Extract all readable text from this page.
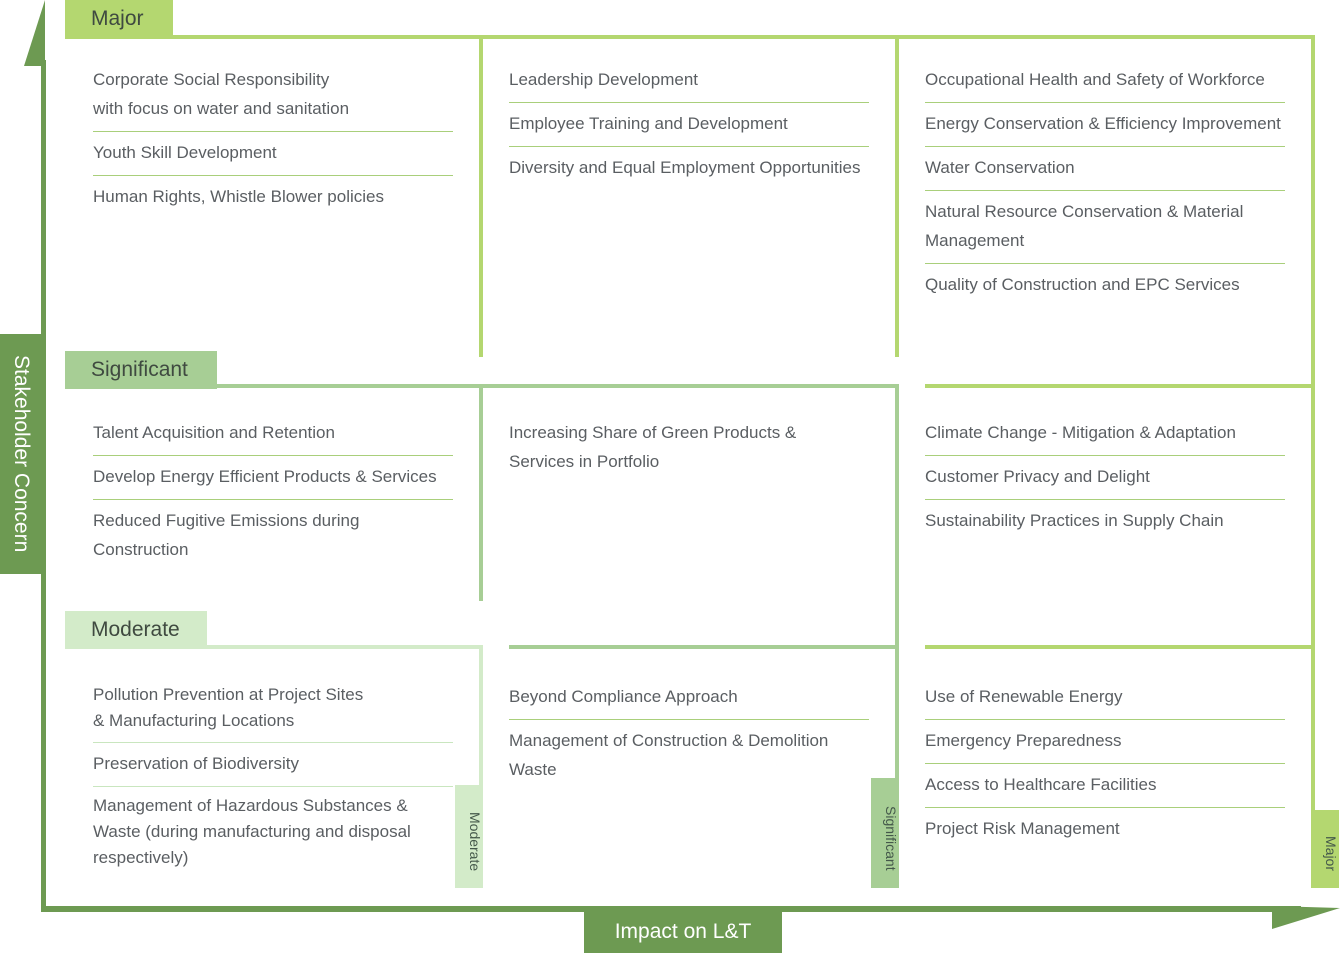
Stakeholder Concern
Impact on L&T
Major
Significant
Moderate
Moderate	Significant	Major
Corporate Social Responsibility
with focus on water and sanitation
Youth Skill Development
Human Rights, Whistle Blower policies
Leadership Development
Employee Training and Development
Diversity and Equal Employment Opportunities
Occupational Health and Safety of Workforce
Energy Conservation & Efficiency Improvement
Water Conservation
Natural Resource Conservation & Material Management
Quality of Construction and EPC Services
Talent Acquisition and Retention
Develop Energy Efficient Products & Services
Reduced Fugitive Emissions during Construction
Increasing Share of Green Products & Services in Portfolio
Climate Change - Mitigation & Adaptation
Customer Privacy and Delight
Sustainability Practices in Supply Chain
Pollution Prevention at Project Sites
& Manufacturing Locations
Preservation of Biodiversity
Management of Hazardous Substances & Waste (during manufacturing and disposal respectively)
Beyond Compliance Approach
Management of Construction & Demolition Waste
Use of Renewable Energy
Emergency Preparedness
Access to Healthcare Facilities
Project Risk Management
